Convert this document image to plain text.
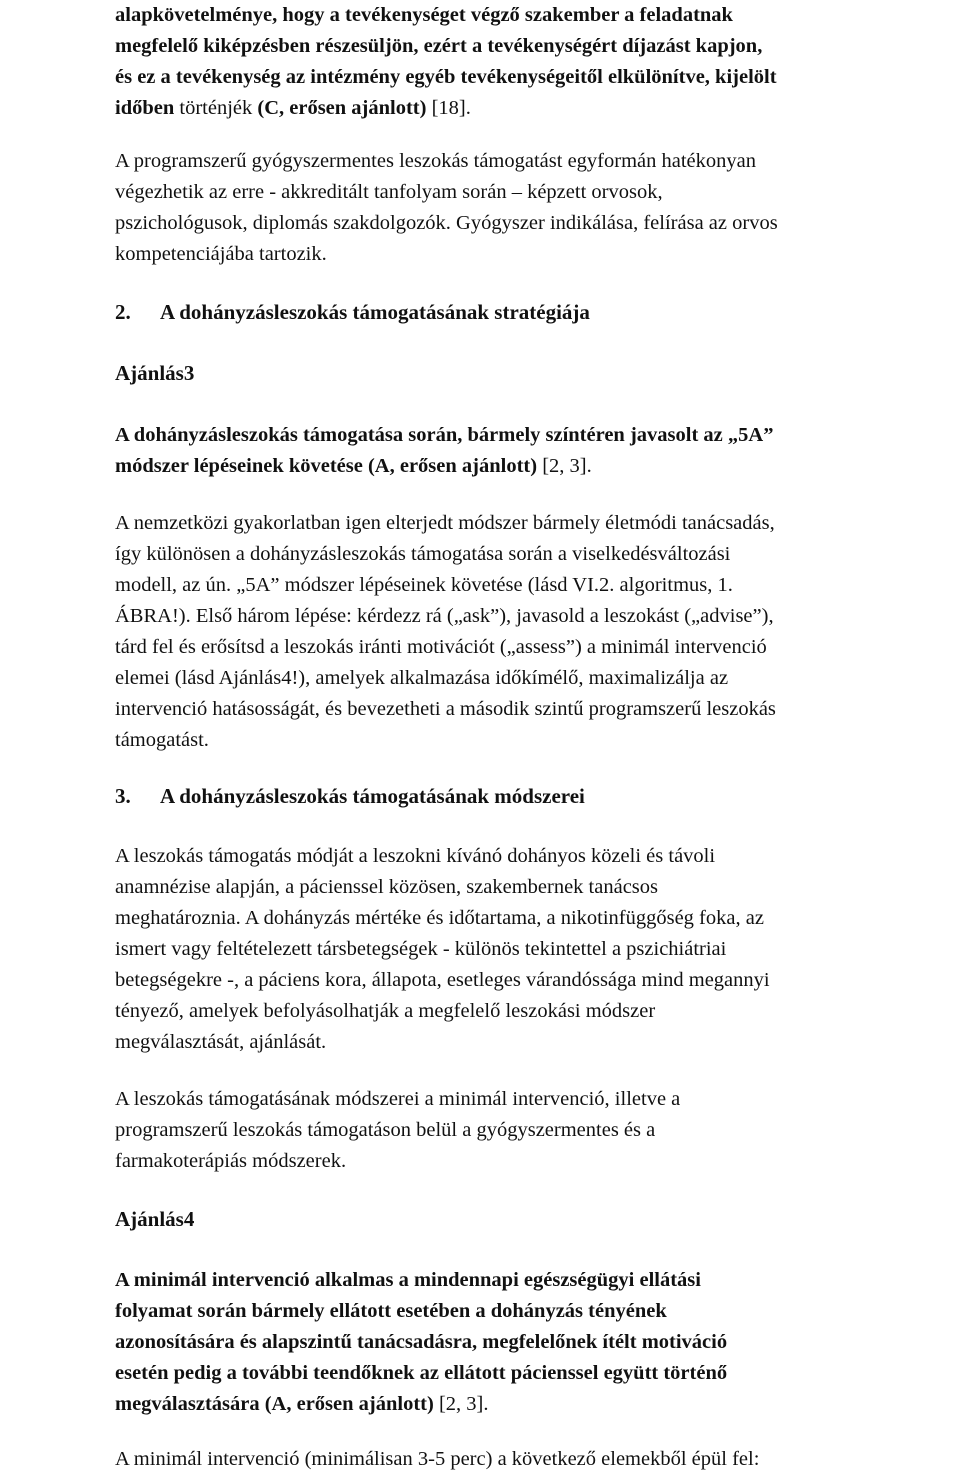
alapkövetelménye, hogy a tevékenységet végző szakember a feladatnak
megfelelő kiképzésben részesüljön, ezért a tevékenységért díjazást kapjon,
és ez a tevékenység az intézmény egyéb tevékenységeitől elkülönítve, kijelölt
időben történjék (C, erősen ajánlott) [18].
A programszerű gyógyszermentes leszokás támogatást egyformán hatékonyan
végezhetik az erre - akkreditált tanfolyam során – képzett orvosok,
pszichológusok, diplomás szakdolgozók. Gyógyszer indikálása, felírása az orvos
kompetenciájába tartozik.
2. A dohányzásleszokás támogatásának stratégiája
Ajánlás3
A dohányzásleszokás támogatása során, bármely színtéren javasolt az „5A”
módszer lépéseinek követése (A, erősen ajánlott) [2, 3].
A nemzetközi gyakorlatban igen elterjedt módszer bármely életmódi tanácsadás,
így különösen a dohányzásleszokás támogatása során a viselkedésváltozási
modell, az ún. „5A” módszer lépéseinek követése (lásd VI.2. algoritmus, 1.
ÁBRA!). Első három lépése: kérdezz rá („ask”), javasold a leszokást („advise”),
tárd fel és erősítsd a leszokás iránti motivációt („assess”) a minimál intervenció
elemei (lásd Ajánlás4!), amelyek alkalmazása időkímélő, maximalizálja az
intervenció hatásosságát, és bevezetheti a második szintű programszerű leszokás
támogatást.
3. A dohányzásleszokás támogatásának módszerei
A leszokás támogatás módját a leszokni kívánó dohányos közeli és távoli
anamnézise alapján, a pácienssel közösen, szakembernek tanácsos
meghatároznia. A dohányzás mértéke és időtartama, a nikotinfüggőség foka, az
ismert vagy feltételezett társbetegségek - különös tekintettel a pszichiátriai
betegségekre -, a páciens kora, állapota, esetleges várandóssága mind megannyi
tényező, amelyek befolyásolhatják a megfelelő leszokási módszer
megválasztását, ajánlását.
A leszokás támogatásának módszerei a minimál intervenció, illetve a
programszerű leszokás támogatáson belül a gyógyszermentes és a
farmakoterápiás módszerek.
Ajánlás4
A minimál intervenció alkalmas a mindennapi egészségügyi ellátási
folyamat során bármely ellátott esetében a dohányzás tényének
azonosítására és alapszintű tanácsadásra, megfelelőnek ítélt motiváció
esetén pedig a további teendőknek az ellátott pácienssel együtt történő
megválasztására (A, erősen ajánlott) [2, 3].
A minimál intervenció (minimálisan 3-5 perc) a következő elemekből épül fel:
